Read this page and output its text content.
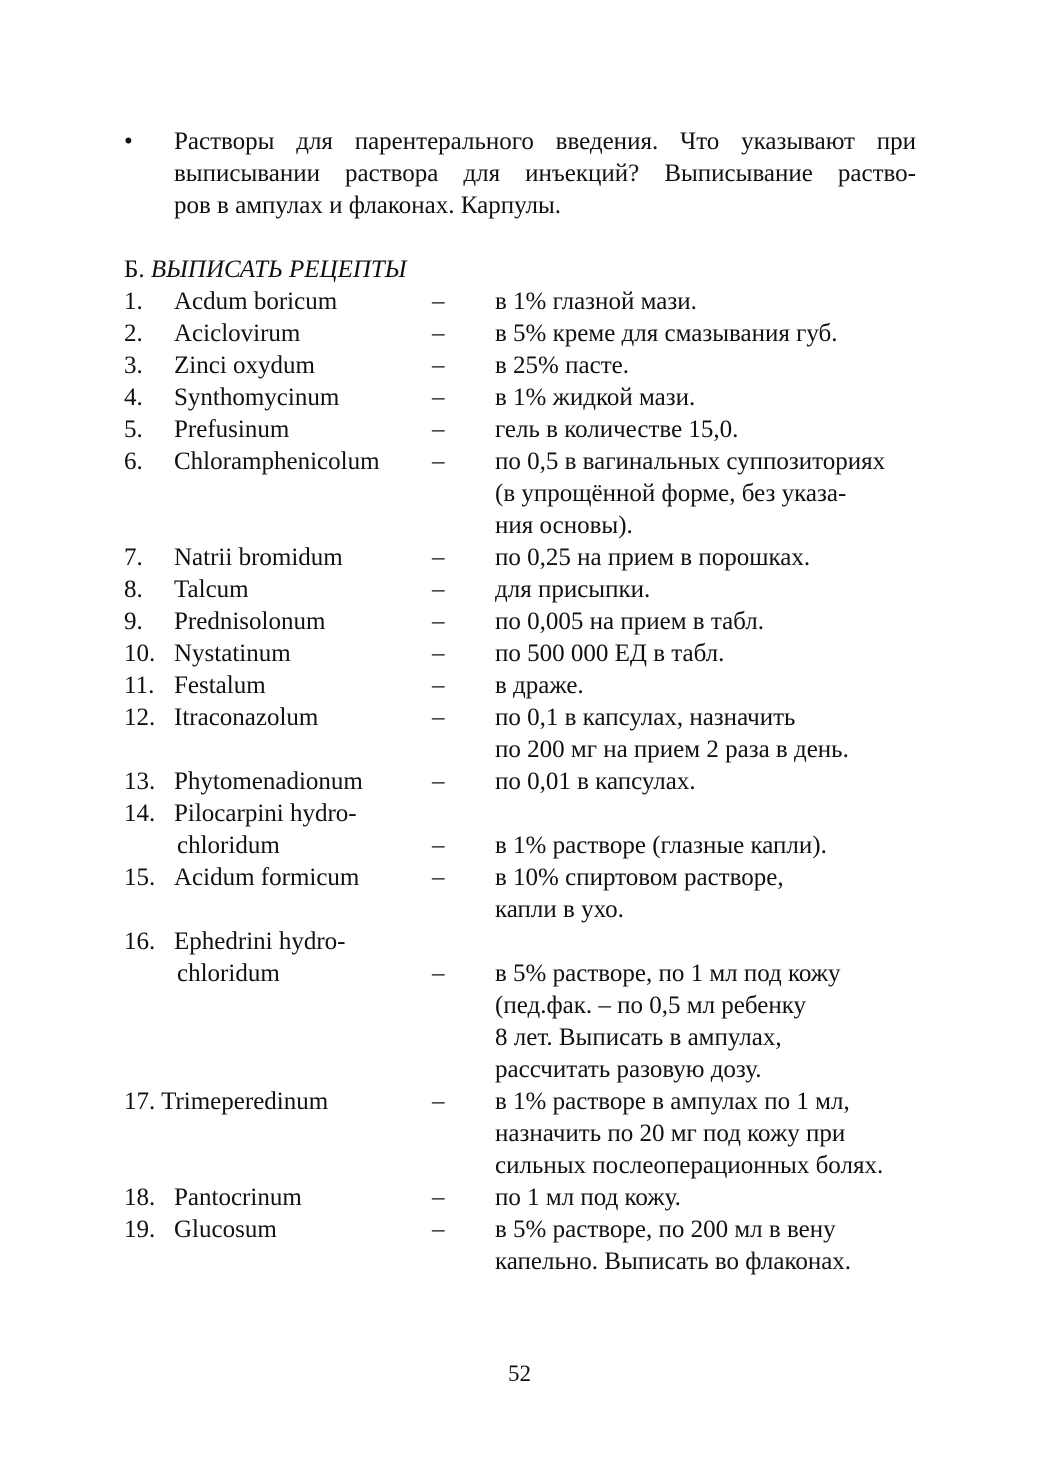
•	Растворы для парентерального введения. Что указывают при
выписывании раствора для инъекций? Выписывание раство-
ров в ампулах и флаконах. Карпулы.
Б. ВЫПИСАТЬ РЕЦЕПТЫ
1.	Acdum boricum	–	в 1% глазной мази.
2.	Aciclovirum	–	в 5% креме для смазывания губ.
3.	Zinci oxydum	–	в 25% пасте.
4.	Synthomycinum	–	в 1% жидкой мази.
5.	Prefusinum	–	гель в количестве 15,0.
6.	Chloramphenicolum	–	по 0,5 в вагинальных суппозиториях
(в упрощённой форме, без указа-
ния основы).
7.	Natrii bromidum	–	по 0,25 на прием в порошках.
8.	Talcum	–	для присыпки.
9.	Prednisolonum	–	по 0,005 на прием в табл.
10. Nystatinum	–	по 500 000 ЕД в табл.
11. Festalum	–	в драже.
12. Itraconazolum	–	по 0,1 в капсулах, назначить
по 200 мг на прием 2 раза в день.
13. Phytomenadionum	–	по 0,01 в капсулах.
14. Pilocarpini hydro-
chloridum	–	в 1% растворе (глазные капли).
15. Acidum formicum	–	в 10% спиртовом растворе,
капли в ухо.
16. Ephedrini hydro-
chloridum	–	в 5% растворе, по 1 мл под кожу
(пед.фак. – по 0,5 мл ребенку
8 лет. Выписать в ампулах,
рассчитать разовую дозу.
17. Trimeperedinum	–	в 1% растворе в ампулах по 1 мл,
назначить по 20 мг под кожу при
сильных послеоперационных болях.
18. Pantocrinum	–	по 1 мл под кожу.
19. Glucosum	–	в 5% растворе, по 200 мл в вену
капельно. Выписать во флаконах.
52
